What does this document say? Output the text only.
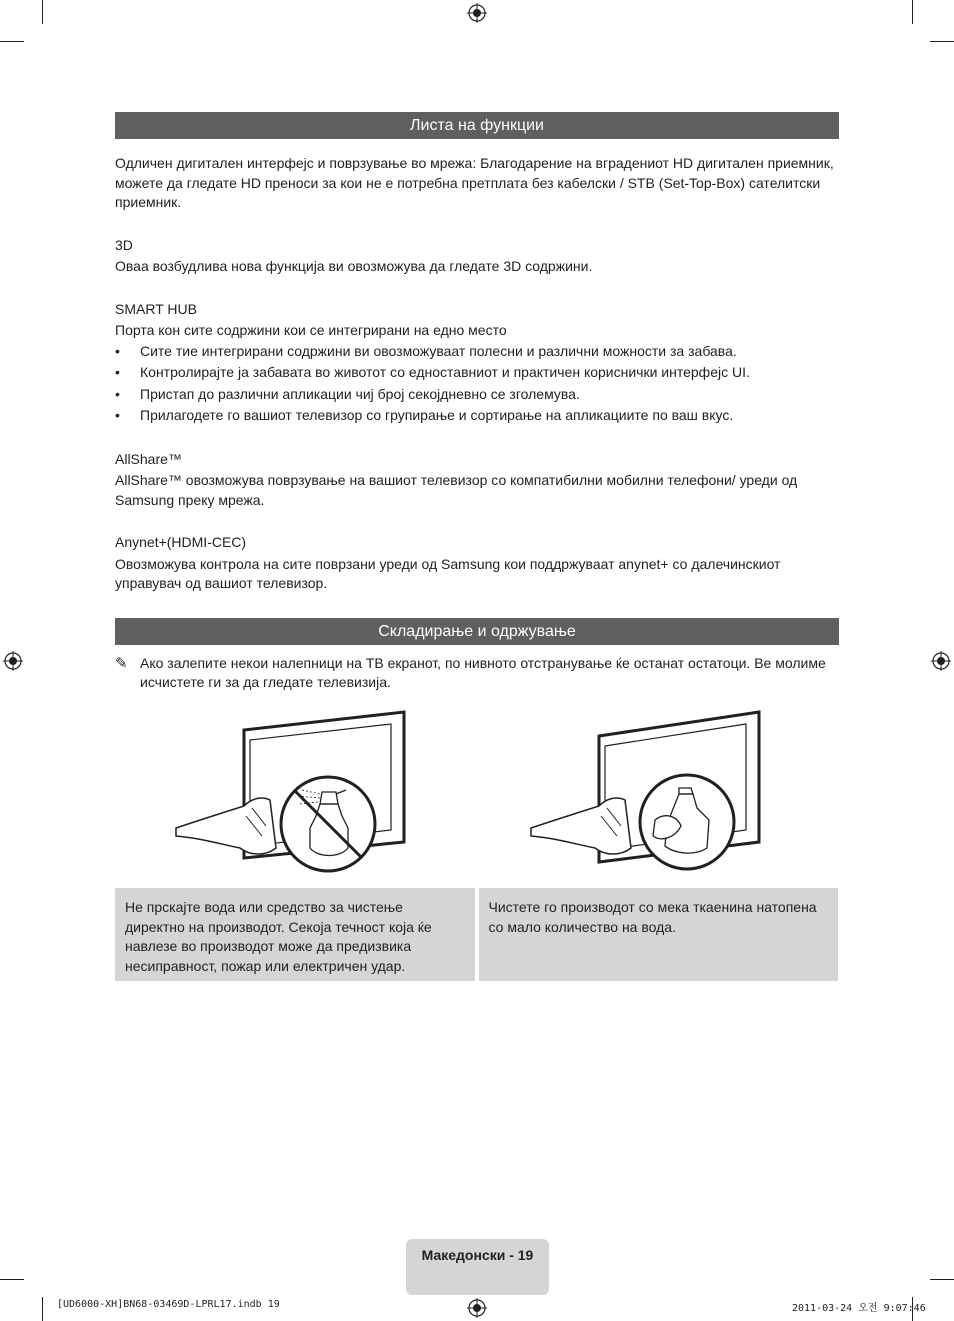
Листа на функции

Одличен дигитален интерфејс и поврзување во мрежа: Благодарение на вградениот HD дигитален приемник, можете да гледате HD преноси за кои не е потребна претплата без кабелски / STB (Set-Top-Box) сателитски приемник.

3D

Оваа возбудлива нова функција ви овозможува да гледате 3D содржини.

SMART HUB

Порта кон сите содржини кои се интегрирани на едно место

• Сите тие интегрирани содржини ви овозможуваат полесни и различни можности за забава.
• Контролирајте ја забавата во животот со едноставниот и практичен кориснички интерфејс UI.
• Пристап до различни апликации чиј број секојдневно се зголемува.
• Прилагодете го вашиот телевизор со групирање и сортирање на апликациите по ваш вкус.

AllShare™

AllShare™ овозможува поврзување на вашиот телевизор со компатибилни мобилни телефони/ уреди од Samsung преку мрежа.

Anynet+(HDMI-CEC)

Овозможува контрола на сите поврзани уреди од Samsung кои поддржуваат anynet+ со далечинскиот управувач од вашиот телевизор.

Складирање и одржување
✎ Ако залепите некои налепници на ТВ екранот, по нивното отстранување ќе останат остатоци. Ве молиме исчистете ги за да гледате телевизија.
Не прскајте вода или средство за чистење директно на производот. Секоја течност која ќе навлезе во производот може да предизвика несиправност, пожар или електричен удар.
Чистете го производот со мека ткаенина натопена со мало количество на вода.
Македонски - 19
[UD6000-XH]BN68-03469D-LPRL17.indb 19	2011-03-24 오전 9:07:46
